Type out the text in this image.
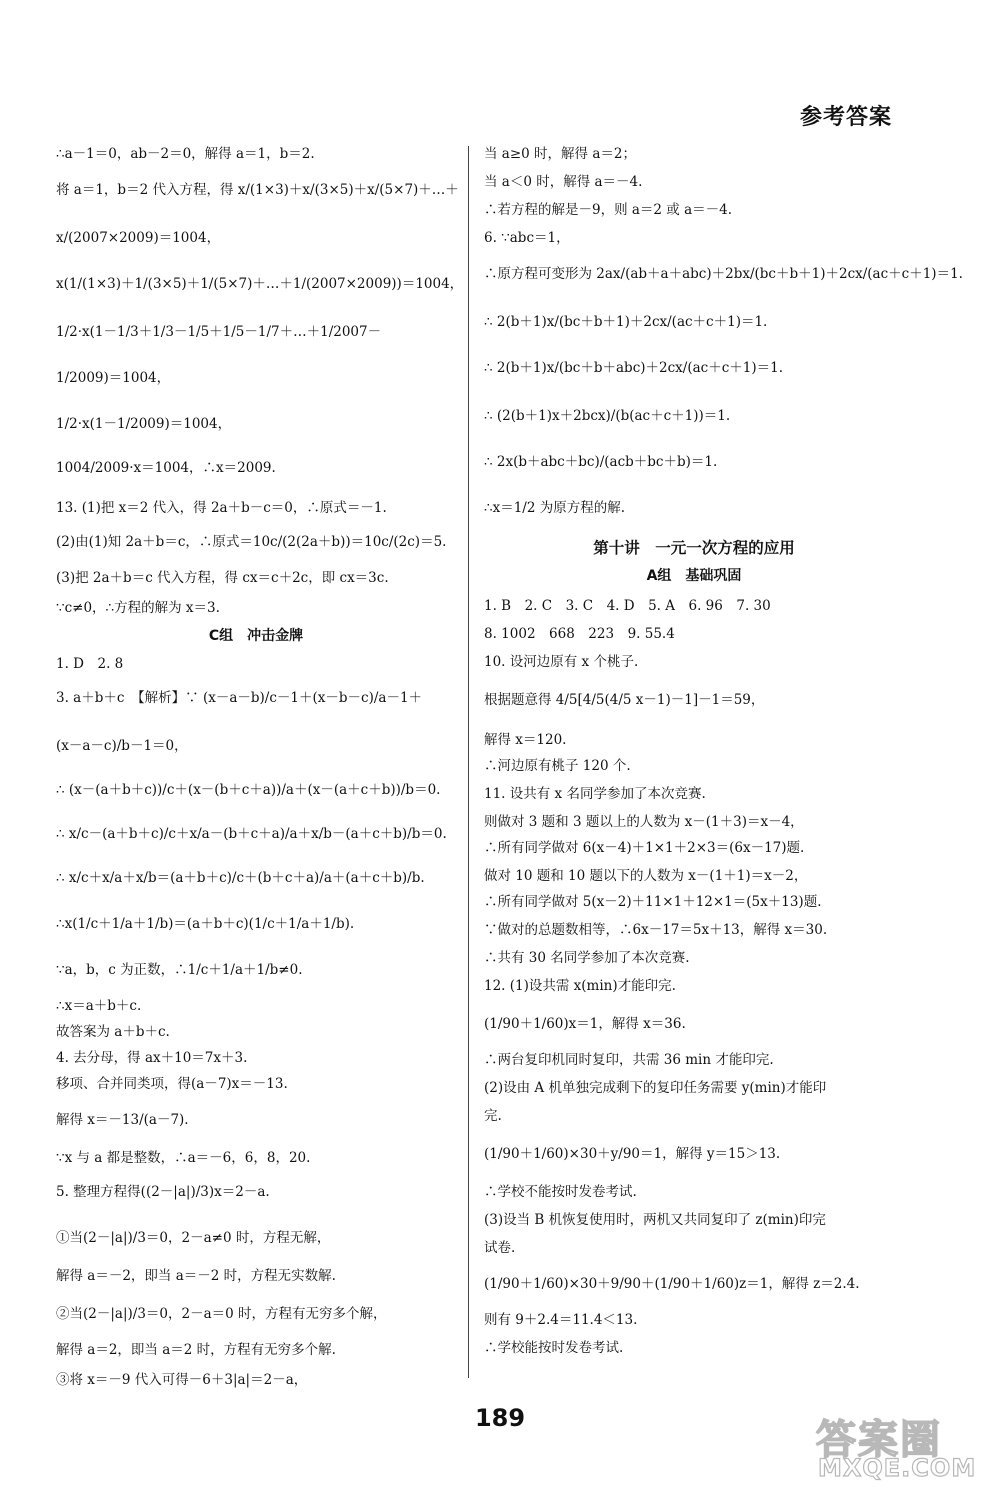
参考答案
∴a－1＝0，ab－2＝0，解得 a＝1，b＝2.
将 a＝1，b＝2 代入方程，得 x/(1×3)＋x/(3×5)＋x/(5×7)＋…＋
x/(2007×2009)＝1004，
x(1/(1×3)＋1/(3×5)＋1/(5×7)＋…＋1/(2007×2009))＝1004，
1/2·x(1－1/3＋1/3－1/5＋1/5－1/7＋…＋1/2007－
1/2009)＝1004，
1/2·x(1－1/2009)＝1004，
1004/2009·x＝1004，∴x＝2009.
13. (1)把 x＝2 代入，得 2a＋b－c＝0，∴原式＝－1.
(2)由(1)知 2a＋b＝c，∴原式＝10c/(2(2a＋b))＝10c/(2c)＝5.
(3)把 2a＋b＝c 代入方程，得 cx＝c＋2c，即 cx＝3c.
∵c≠0，∴方程的解为 x＝3.
C组　冲击金牌
1. D　2. 8
3. a＋b＋c　【解析】∵ (x－a－b)/c－1＋(x－b－c)/a－1＋
(x－a－c)/b－1＝0，
∴ (x－(a＋b＋c))/c＋(x－(b＋c＋a))/a＋(x－(a＋c＋b))/b＝0.
∴ x/c－(a＋b＋c)/c＋x/a－(b＋c＋a)/a＋x/b－(a＋c＋b)/b＝0.
∴ x/c＋x/a＋x/b＝(a＋b＋c)/c＋(b＋c＋a)/a＋(a＋c＋b)/b.
∴x(1/c＋1/a＋1/b)＝(a＋b＋c)(1/c＋1/a＋1/b).
∵a，b，c 为正数，∴1/c＋1/a＋1/b≠0.
∴x＝a＋b＋c.
故答案为 a＋b＋c.
4. 去分母，得 ax＋10＝7x＋3.
移项、合并同类项，得(a－7)x＝－13.
解得 x＝－13/(a－7).
∵x 与 a 都是整数，∴a＝－6，6，8，20.
5. 整理方程得((2－|a|)/3)x＝2－a.
①当(2－|a|)/3＝0，2－a≠0 时，方程无解，
解得 a＝－2，即当 a＝－2 时，方程无实数解.
②当(2－|a|)/3＝0，2－a＝0 时，方程有无穷多个解，
解得 a＝2，即当 a＝2 时，方程有无穷多个解.
③将 x＝－9 代入可得－6＋3|a|＝2－a，
当 a≥0 时，解得 a＝2；
当 a＜0 时，解得 a＝－4.
∴若方程的解是－9，则 a＝2 或 a＝－4.
6. ∵abc＝1，
∴原方程可变形为 2ax/(ab＋a＋abc)＋2bx/(bc＋b＋1)＋2cx/(ac＋c＋1)＝1.
∴ 2(b＋1)x/(bc＋b＋1)＋2cx/(ac＋c＋1)＝1.
∴ 2(b＋1)x/(bc＋b＋abc)＋2cx/(ac＋c＋1)＝1.
∴ (2(b＋1)x＋2bcx)/(b(ac＋c＋1))＝1.
∴ 2x(b＋abc＋bc)/(acb＋bc＋b)＝1.
∴x＝1/2 为原方程的解.
第十讲　一元一次方程的应用
A组　基础巩固
1. B　2. C　3. C　4. D　5. A　6. 96　7. 30
8. 1002　668　223　9. 55.4
10. 设河边原有 x 个桃子.
根据题意得 4/5[4/5(4/5 x－1)－1]－1＝59，
解得 x＝120.
∴河边原有桃子 120 个.
11. 设共有 x 名同学参加了本次竞赛.
则做对 3 题和 3 题以上的人数为 x－(1＋3)＝x－4，
∴所有同学做对 6(x－4)＋1×1＋2×3＝(6x－17)题.
做对 10 题和 10 题以下的人数为 x－(1＋1)＝x－2，
∴所有同学做对 5(x－2)＋11×1＋12×1＝(5x＋13)题.
∵做对的总题数相等，∴6x－17＝5x＋13，解得 x＝30.
∴共有 30 名同学参加了本次竞赛.
12. (1)设共需 x(min)才能印完.
(1/90＋1/60)x＝1，解得 x＝36.
∴两台复印机同时复印，共需 36 min 才能印完.
(2)设由 A 机单独完成剩下的复印任务需要 y(min)才能印
完.
(1/90＋1/60)×30＋y/90＝1，解得 y＝15＞13.
∴学校不能按时发卷考试.
(3)设当 B 机恢复使用时，两机又共同复印了 z(min)印完
试卷.
(1/90＋1/60)×30＋9/90＋(1/90＋1/60)z＝1，解得 z＝2.4.
则有 9＋2.4＝11.4＜13.
∴学校能按时发卷考试.
189	答案圈
MXQE.COM
